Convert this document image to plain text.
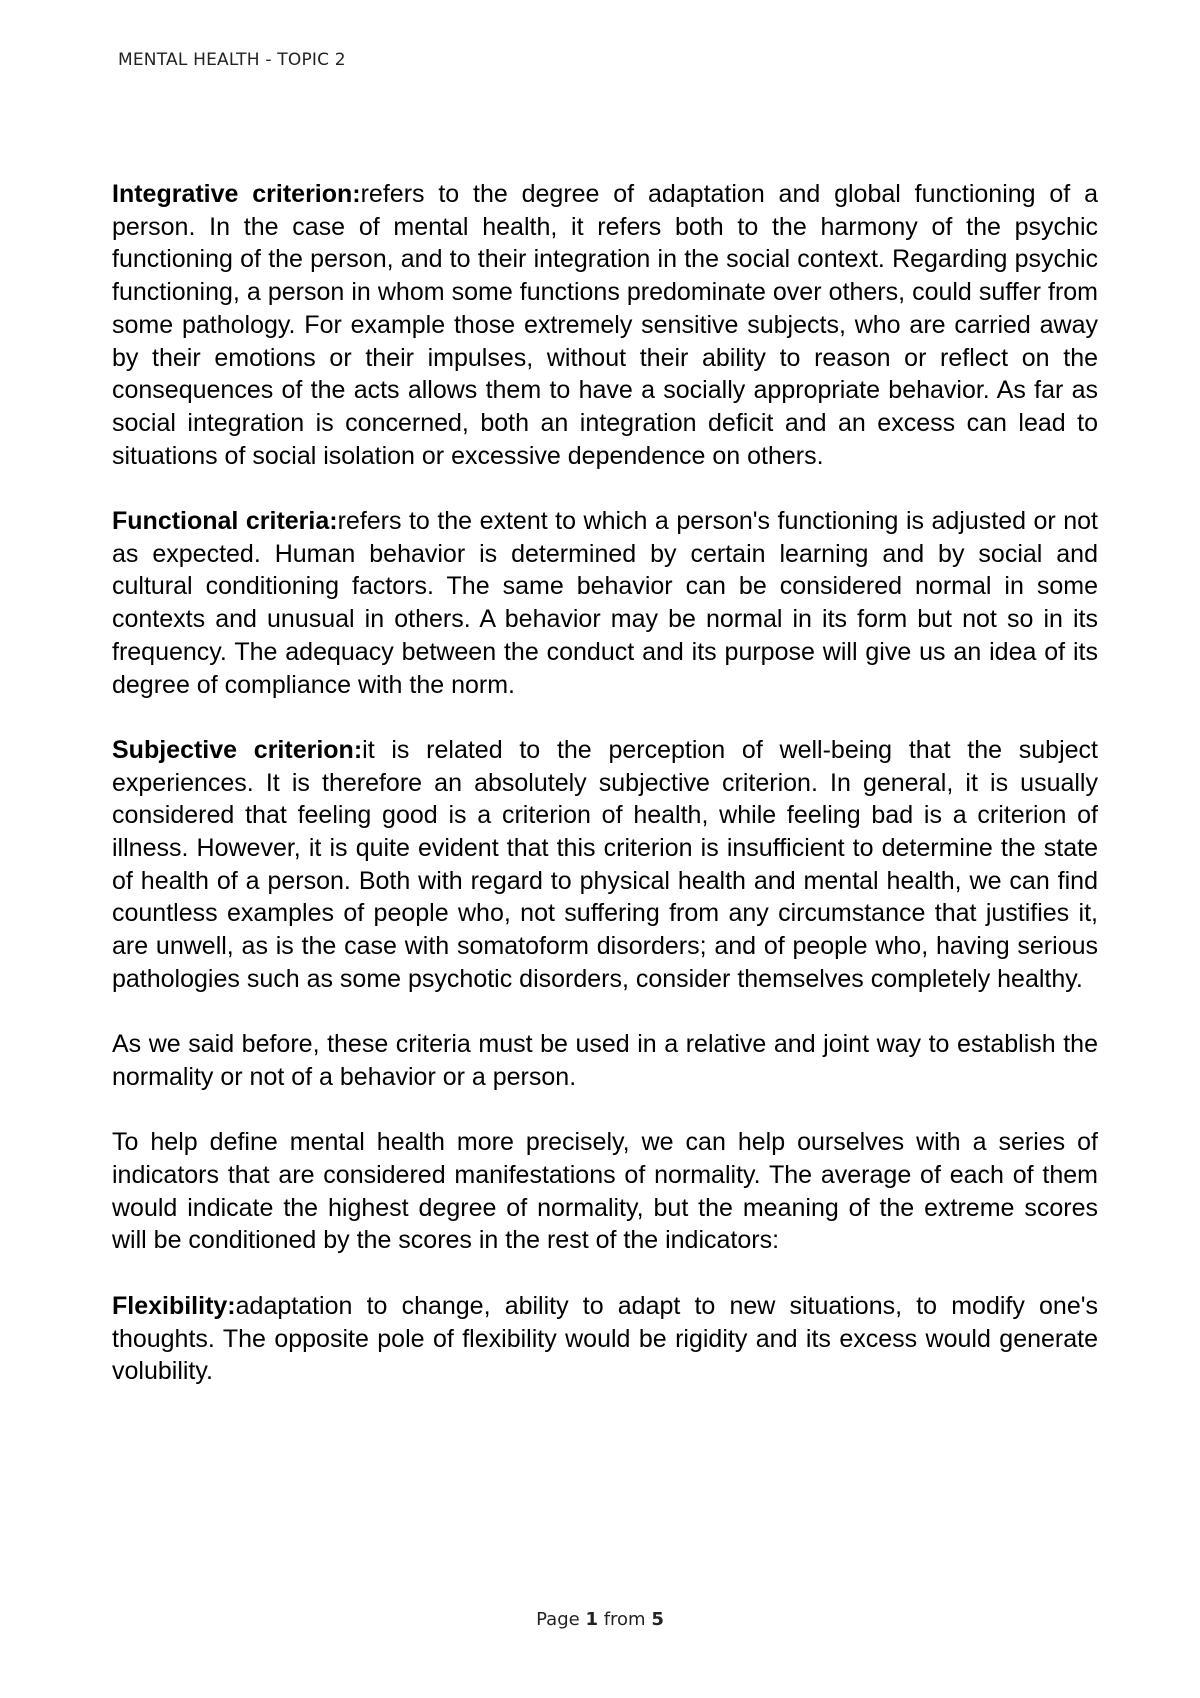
MENTAL HEALTH - TOPIC 2

Integrative criterion:refers to the degree of adaptation and global functioning of a person. In the case of mental health, it refers both to the harmony of the psychic functioning of the person, and to their integration in the social context. Regarding psychic functioning, a person in whom some functions predominate over others, could suffer from some pathology. For example those extremely sensitive subjects, who are carried away by their emotions or their impulses, without their ability to reason or reflect on the consequences of the acts allows them to have a socially appropriate behavior. As far as social integration is concerned, both an integration deficit and an excess can lead to situations of social isolation or excessive dependence on others.

Functional criteria:refers to the extent to which a person's functioning is adjusted or not as expected. Human behavior is determined by certain learning and by social and cultural conditioning factors. The same behavior can be considered normal in some contexts and unusual in others. A behavior may be normal in its form but not so in its frequency. The adequacy between the conduct and its purpose will give us an idea of its degree of compliance with the norm.

Subjective criterion:it is related to the perception of well-being that the subject experiences. It is therefore an absolutely subjective criterion. In general, it is usually considered that feeling good is a criterion of health, while feeling bad is a criterion of illness. However, it is quite evident that this criterion is insufficient to determine the state of health of a person. Both with regard to physical health and mental health, we can find countless examples of people who, not suffering from any circumstance that justifies it, are unwell, as is the case with somatoform disorders; and of people who, having serious pathologies such as some psychotic disorders, consider themselves completely healthy.

As we said before, these criteria must be used in a relative and joint way to establish the normality or not of a behavior or a person.

To help define mental health more precisely, we can help ourselves with a series of indicators that are considered manifestations of normality. The average of each of them would indicate the highest degree of normality, but the meaning of the extreme scores will be conditioned by the scores in the rest of the indicators:

Flexibility:adaptation to change, ability to adapt to new situations, to modify one's thoughts. The opposite pole of flexibility would be rigidity and its excess would generate volubility.

Page 1 from 5
